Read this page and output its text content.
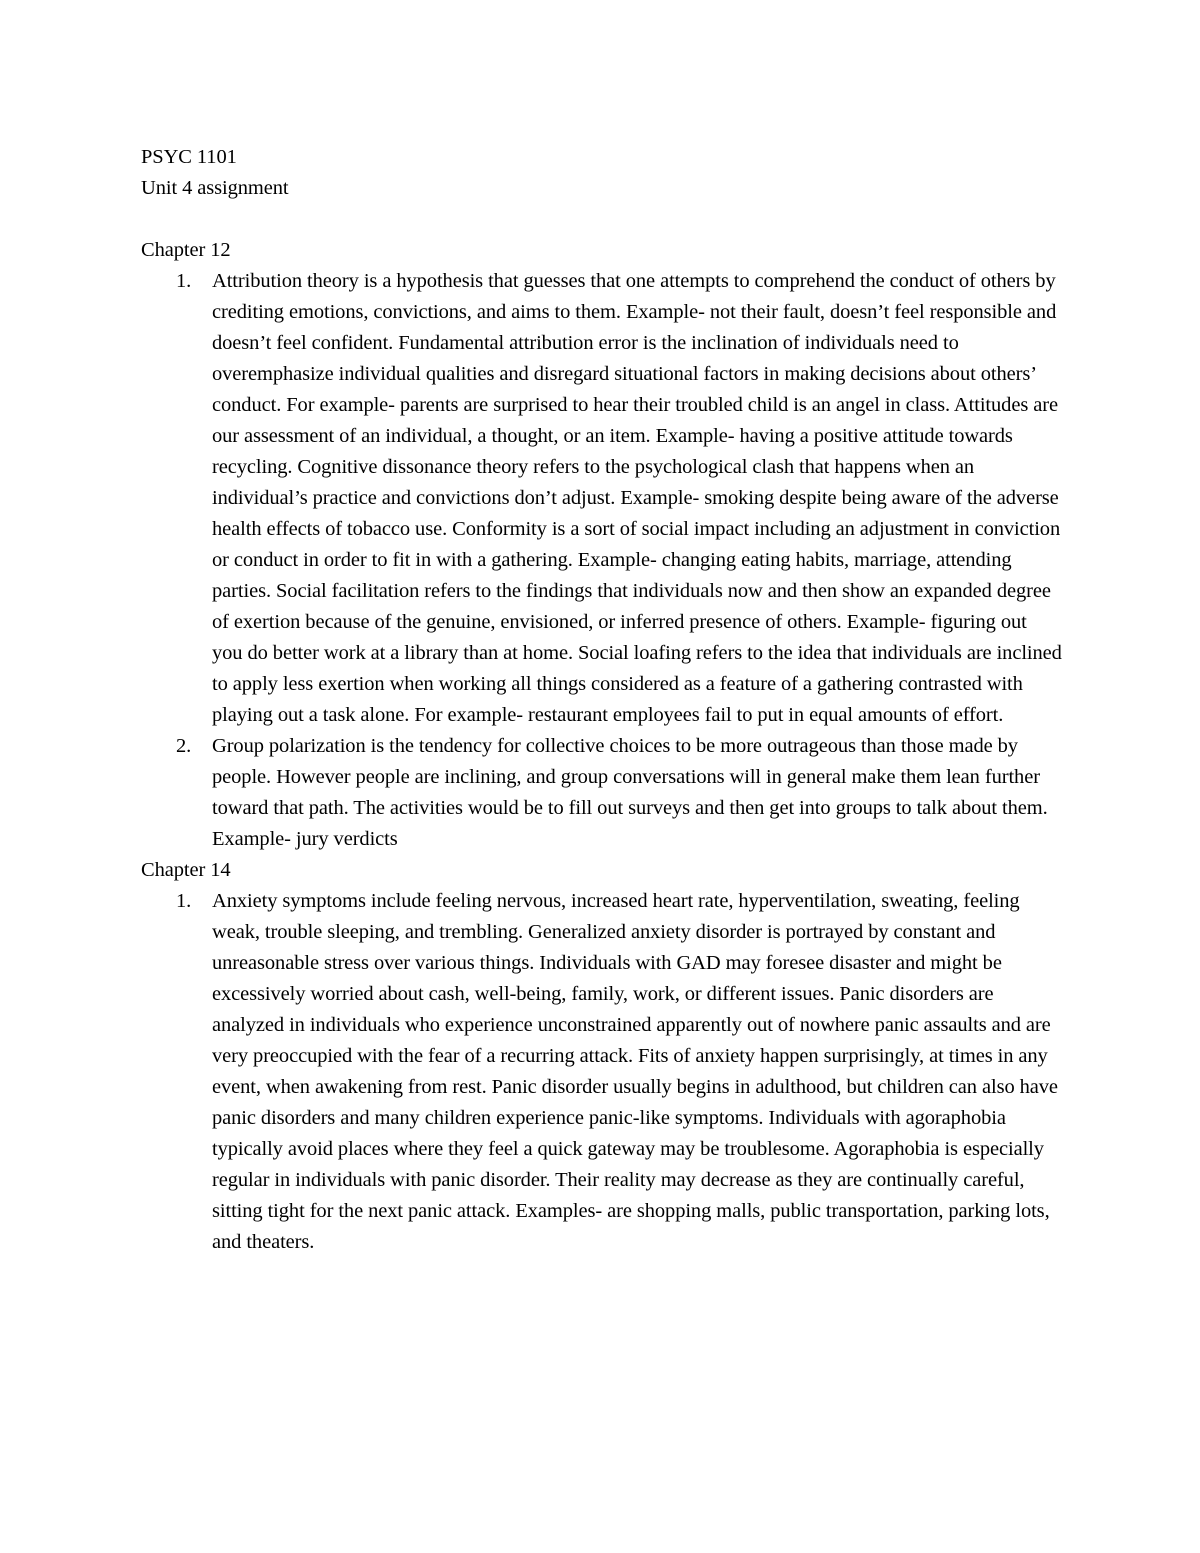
PSYC 1101

Unit 4 assignment

Chapter 12

1. Attribution theory is a hypothesis that guesses that one attempts to comprehend the conduct of others by crediting emotions, convictions, and aims to them. Example- not their fault, doesn’t feel responsible and doesn’t feel confident. Fundamental attribution error is the inclination of individuals need to overemphasize individual qualities and disregard situational factors in making decisions about others’ conduct. For example- parents are surprised to hear their troubled child is an angel in class. Attitudes are our assessment of an individual, a thought, or an item. Example- having a positive attitude towards recycling. Cognitive dissonance theory refers to the psychological clash that happens when an individual’s practice and convictions don’t adjust. Example- smoking despite being aware of the adverse health effects of tobacco use. Conformity is a sort of social impact including an adjustment in conviction or conduct in order to fit in with a gathering. Example- changing eating habits, marriage, attending parties. Social facilitation refers to the findings that individuals now and then show an expanded degree of exertion because of the genuine, envisioned, or inferred presence of others. Example- figuring out you do better work at a library than at home. Social loafing refers to the idea that individuals are inclined to apply less exertion when working all things considered as a feature of a gathering contrasted with playing out a task alone. For example- restaurant employees fail to put in equal amounts of effort.
2. Group polarization is the tendency for collective choices to be more outrageous than those made by people. However people are inclining, and group conversations will in general make them lean further toward that path. The activities would be to fill out surveys and then get into groups to talk about them. Example- jury verdicts

Chapter 14

1. Anxiety symptoms include feeling nervous, increased heart rate, hyperventilation, sweating, feeling weak, trouble sleeping, and trembling. Generalized anxiety disorder is portrayed by constant and unreasonable stress over various things. Individuals with GAD may foresee disaster and might be excessively worried about cash, well-being, family, work, or different issues. Panic disorders are analyzed in individuals who experience unconstrained apparently out of nowhere panic assaults and are very preoccupied with the fear of a recurring attack. Fits of anxiety happen surprisingly, at times in any event, when awakening from rest. Panic disorder usually begins in adulthood, but children can also have panic disorders and many children experience panic-like symptoms. Individuals with agoraphobia typically avoid places where they feel a quick gateway may be troublesome. Agoraphobia is especially regular in individuals with panic disorder. Their reality may decrease as they are continually careful, sitting tight for the next panic attack. Examples- are shopping malls, public transportation, parking lots, and theaters.
